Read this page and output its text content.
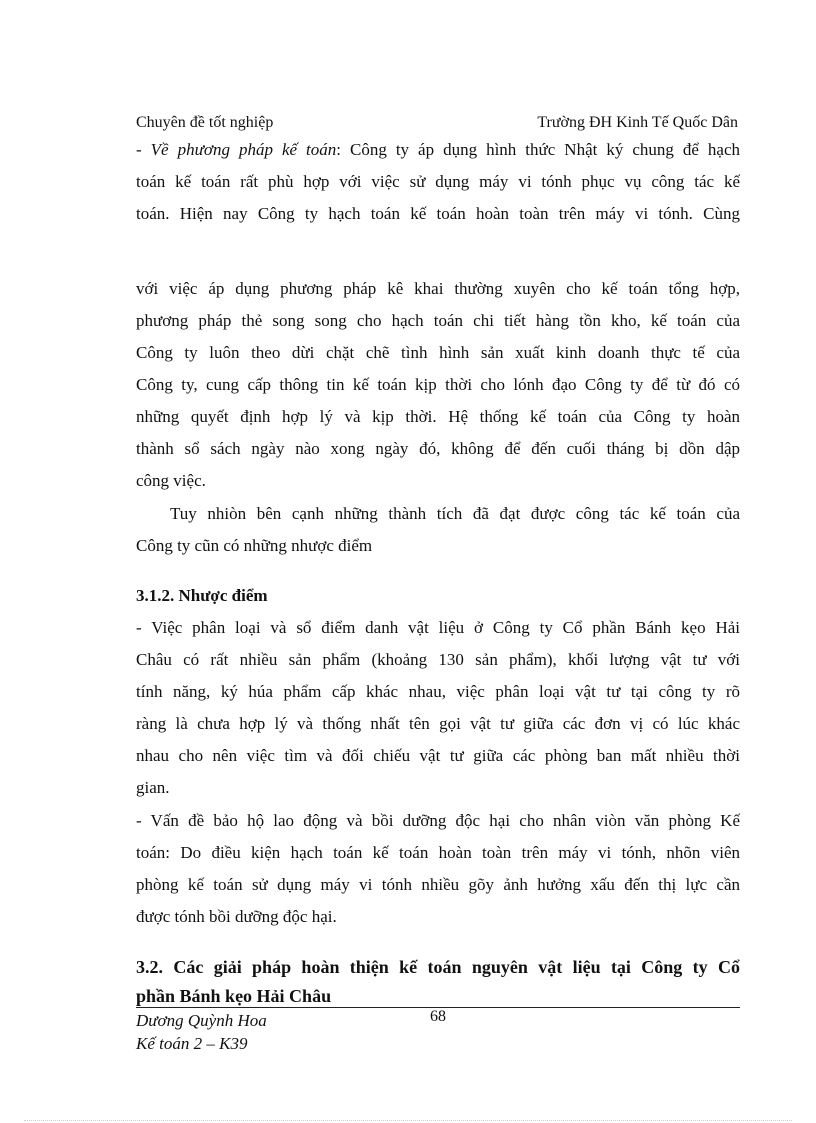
Chuyên đề tốt nghiệp	Trường ĐH Kinh Tế Quốc Dân
- Về phương pháp kế toán: Công ty áp dụng hình thức Nhật ký chung để hạch
toán kế toán rất phù hợp với việc sử dụng máy vi tónh phục vụ công tác kế
toán. Hiện nay Công ty hạch toán kế toán hoàn toàn trên máy vi tónh. Cùng
với việc áp dụng phương pháp kê khai thường xuyên cho kế toán tổng hợp,
phương pháp thẻ song song cho hạch toán chi tiết hàng tồn kho, kế toán của
Công ty luôn theo dừi chặt chẽ tình hình sản xuất kinh doanh thực tế của
Công ty, cung cấp thông tin kế toán kịp thời cho lónh đạo Công ty để từ đó có
những quyết định hợp lý và kịp thời. Hệ thống kế toán của Công ty hoàn
thành sổ sách ngày nào xong ngày đó, không để đến cuối tháng bị dồn dập
công việc.
Tuy nhiòn bên cạnh những thành tích đã đạt được công tác kế toán của
Công ty cũn có những nhược điểm
3.1.2. Nhược điểm
- Việc phân loại và sổ điểm danh vật liệu ở Công ty Cổ phần Bánh kẹo Hải
Châu có rất nhiều sản phẩm (khoảng 130 sản phẩm), khối lượng vật tư với
tính năng, ký húa phẩm cấp khác nhau, việc phân loại vật tư tại công ty rõ
ràng là chưa hợp lý và thống nhất tên gọi vật tư giữa các đơn vị có lúc khác
nhau cho nên việc tìm và đối chiếu vật tư giữa các phòng ban mất nhiều thời
gian.
- Vấn đề bảo hộ lao động và bồi dưỡng độc hại cho nhân viòn văn phòng Kế
toán: Do điều kiện hạch toán kế toán hoàn toàn trên máy vi tónh, nhõn viên
phòng kế toán sử dụng máy vi tónh nhiều gõy ảnh hưởng xấu đến thị lực cần
được tónh bồi dưỡng độc hại.
3.2. Các giải pháp hoàn thiện kế toán nguyên vật liệu tại Công ty Cổ
phần Bánh kẹo Hải Châu
68
Dương Quỳnh Hoa
Kế toán 2 – K39
